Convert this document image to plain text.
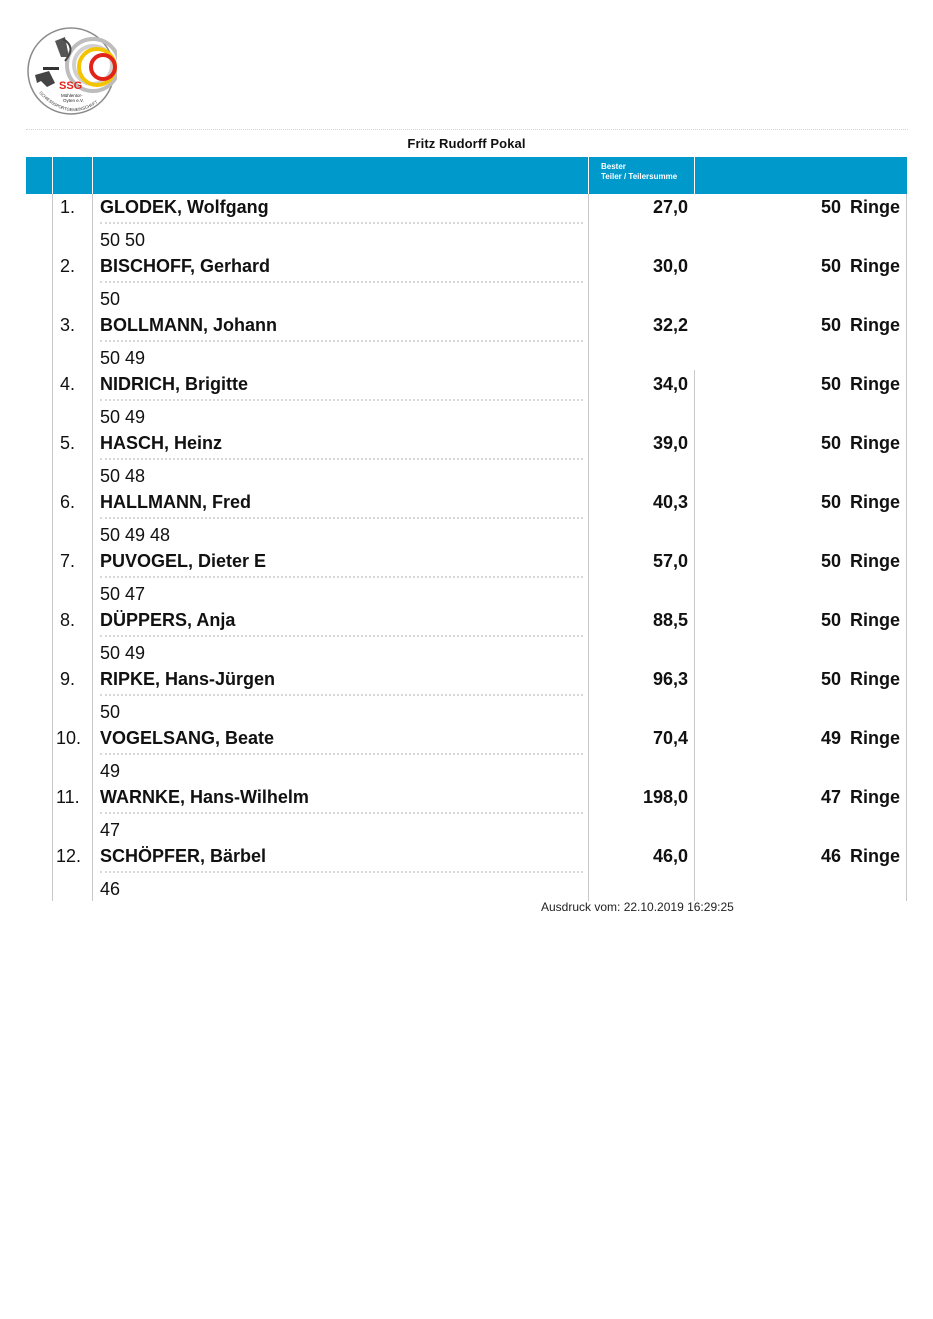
SSG
Mühlentor-
Oyten e.V.
SCHIESSSPORTGEMEINSCHAFT
Fritz Rudorff Pokal
Bester
Teiler / Teilersumme
1. GLODEK, Wolfgang
50 50
27,0	50 Ringe
2. BISCHOFF, Gerhard
50
30,0	50 Ringe
3. BOLLMANN, Johann
50 49
32,2	50 Ringe
4. NIDRICH, Brigitte
50 49
34,0	50 Ringe
5. HASCH, Heinz
50 48
39,0	50 Ringe
6. HALLMANN, Fred
50 49 48
40,3	50 Ringe
7. PUVOGEL, Dieter E
50 47
57,0	50 Ringe
8. DÜPPERS, Anja
50 49
88,5	50 Ringe
9. RIPKE, Hans-Jürgen
50
96,3	50 Ringe
10. VOGELSANG, Beate
49
70,4	49 Ringe
11. WARNKE, Hans-Wilhelm
47
198,0	47 Ringe
12. SCHÖPFER, Bärbel
46
46,0	46 Ringe
Ausdruck vom: 22.10.2019 16:29:25
